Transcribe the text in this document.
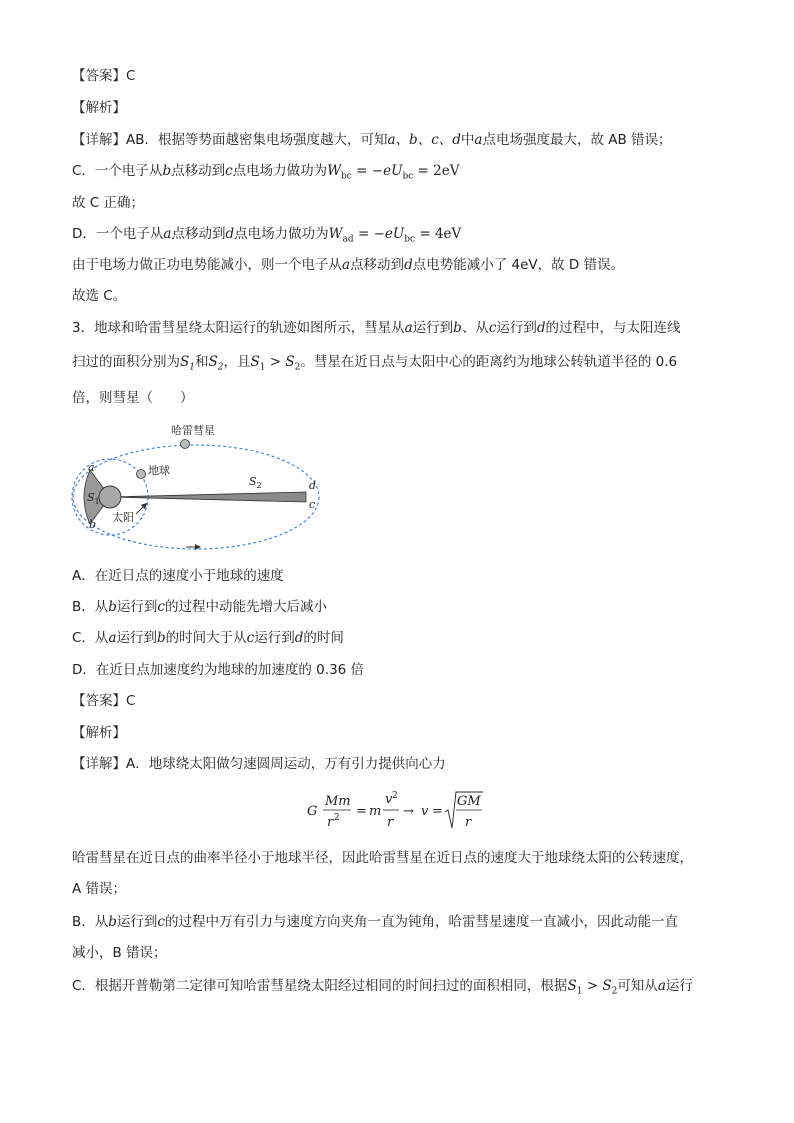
【答案】C
【解析】
【详解】AB．根据等势面越密集电场强度越大，可知a、b、c、d中a点电场强度最大，故 AB 错误；
C．一个电子从b点移动到c点电场力做功为$W_{bc} = -eU_{bc} = 2eV$
故 C 正确；
D．一个电子从a点移动到d点电场力做功为$W_{ad} = -eU_{bc} = 4eV$
由于电场力做正功电势能减小，则一个电子从a点移动到d点电势能减小了 4eV，故 D 错误。
故选 C。
3．地球和哈雷彗星绕太阳运行的轨迹如图所示，彗星从a运行到b、从c运行到d的过程中，与太阳连线
扫过的面积分别为$S_1$和$S_2$，且$S_1 > S_2$。彗星在近日点与太阳中心的距离约为地球公转轨道半径的 0.6
倍，则彗星（　　）
哈雷彗星
地球
太阳
a
b
d
c
$S_1$
$S_2$
A．在近日点的速度小于地球的速度
B．从b运行到c的过程中动能先增大后减小
C．从a运行到b的时间大于从c运行到d的时间
D．在近日点加速度约为地球的加速度的 0.36 倍
【答案】C
【解析】
【详解】A．地球绕太阳做匀速圆周运动，万有引力提供向心力
G
Mm
r 2 = m
v 2
r
→ v =
GM
r
哈雷彗星在近日点的曲率半径小于地球半径，因此哈雷彗星在近日点的速度大于地球绕太阳的公转速度，
A 错误；
B．从b运行到c的过程中万有引力与速度方向夹角一直为钝角，哈雷彗星速度一直减小，因此动能一直
减小，B 错误；
C．根据开普勒第二定律可知哈雷彗星绕太阳经过相同的时间扫过的面积相同，根据$S_1 > S_2$可知从a运行
